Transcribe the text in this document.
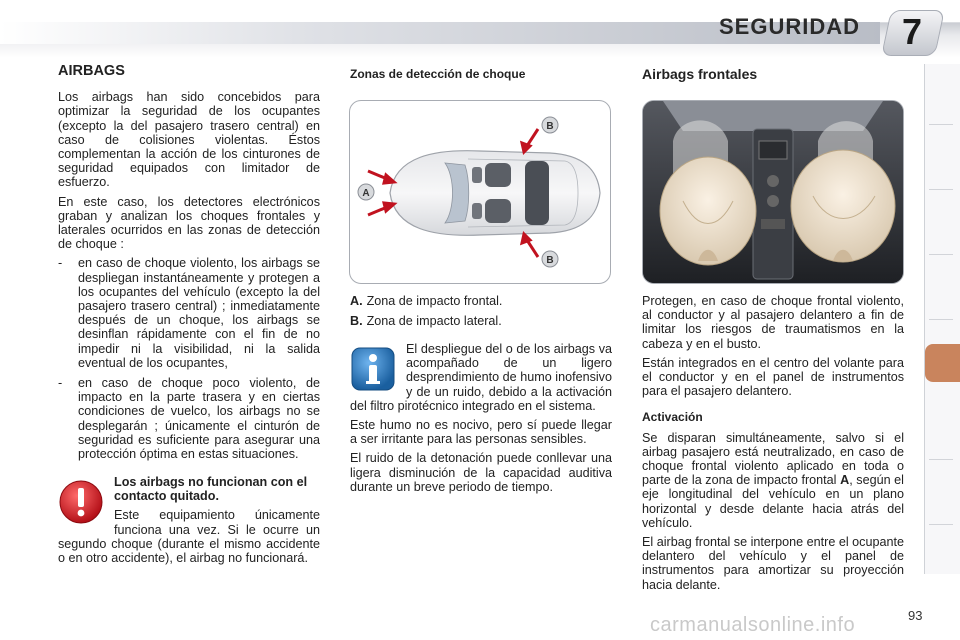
SEGURIDAD	7
AIRBAGS

Los airbags han sido concebidos para optimizar la seguridad de los ocupantes (excepto la del pasajero trasero central) en caso de colisiones violentas. Éstos complementan la acción de los cinturones de seguridad equipados con limitador de esfuerzo.

En este caso, los detectores electrónicos graban y analizan los choques frontales y laterales ocurridos en las zonas de detección de choque :

- en caso de choque violento, los airbags se despliegan instantáneamente y protegen a los ocupantes del vehículo (excepto la del pasajero trasero central) ; inmediatamente después de un choque, los airbags se desinflan rápidamente con el fin de no impedir ni la visibilidad, ni la salida eventual de los ocupantes,
- en caso de choque poco violento, de impacto en la parte trasera y en ciertas condiciones de vuelco, los airbags no se desplegarán ; únicamente el cinturón de seguridad es suficiente para asegurar una protección óptima en estas situaciones.

Los airbags no funcionan con el contacto quitado.

Este equipamiento únicamente funciona una vez. Si le ocurre un segundo choque (durante el mismo accidente o en otro accidente), el airbag no funcionará.

Zonas de detección de choque
A
B
B
A. Zona de impacto frontal.
B. Zona de impacto lateral.

El despliegue del o de los airbags va acompañado de un ligero desprendimiento de humo inofensivo y de un ruido, debido a la activación del filtro pirotécnico integrado en el sistema.

Este humo no es nocivo, pero sí puede llegar a ser irritante para las personas sensibles.

El ruido de la detonación puede conllevar una ligera disminución de la capacidad auditiva durante un breve periodo de tiempo.

Airbags frontales

Protegen, en caso de choque frontal violento, al conductor y al pasajero delantero a fin de limitar los riesgos de traumatismos en la cabeza y en el busto.

Están integrados en el centro del volante para el conductor y en el panel de instrumentos para el pasajero delantero.

Activación

Se disparan simultáneamente, salvo si el airbag pasajero está neutralizado, en caso de choque frontal violento aplicado en toda o parte de la zona de impacto frontal A, según el eje longitudinal del vehículo en un plano horizontal y desde delante hacia atrás del vehículo.

El airbag frontal se interpone entre el ocupante delantero del vehículo y el panel de instrumentos para amortizar su proyección hacia delante.

93
carmanualsonline.info
